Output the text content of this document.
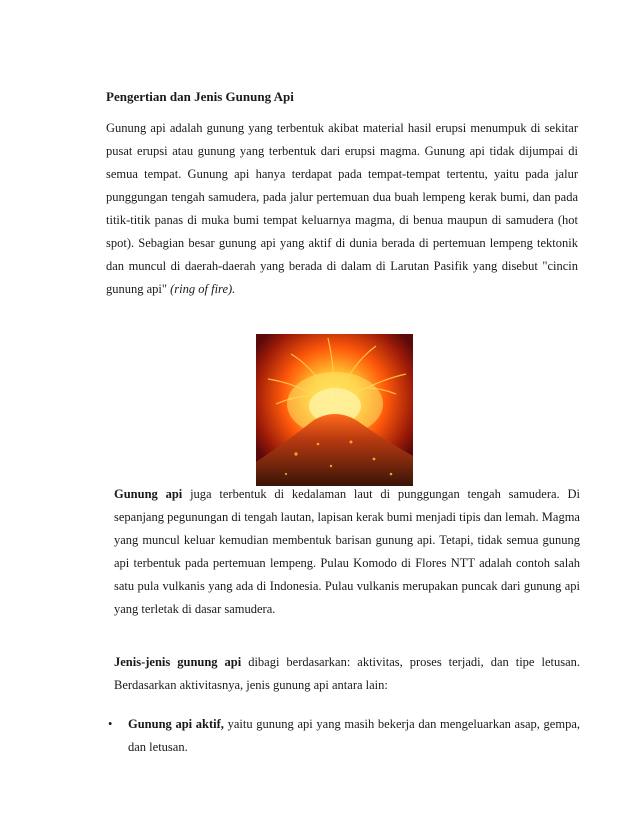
Pengertian dan Jenis Gunung Api

Gunung api adalah gunung yang terbentuk akibat material hasil erupsi menumpuk di sekitar pusat erupsi atau gunung yang terbentuk dari erupsi magma. Gunung api tidak dijumpai di semua tempat. Gunung api hanya terdapat pada tempat-tempat tertentu, yaitu pada jalur punggungan tengah samudera, pada jalur pertemuan dua buah lempeng kerak bumi, dan pada titik-titik panas di muka bumi tempat keluarnya magma, di benua maupun di samudera (hot spot). Sebagian besar gunung api yang aktif di dunia berada di pertemuan lempeng tektonik dan muncul di daerah-daerah yang berada di dalam di Larutan Pasifik yang disebut "cincin gunung api" (ring of fire).

Gunung api juga terbentuk di kedalaman laut di punggungan tengah samudera. Di sepanjang pegunungan di tengah lautan, lapisan kerak bumi menjadi tipis dan lemah. Magma yang muncul keluar kemudian membentuk barisan gunung api. Tetapi, tidak semua gunung api terbentuk pada pertemuan lempeng. Pulau Komodo di Flores NTT adalah contoh salah satu pula vulkanis yang ada di Indonesia. Pulau vulkanis merupakan puncak dari gunung api yang terletak di dasar samudera.

Jenis-jenis gunung api dibagi berdasarkan: aktivitas, proses terjadi, dan tipe letusan. Berdasarkan aktivitasnya, jenis gunung api antara lain:

• Gunung api aktif, yaitu gunung api yang masih bekerja dan mengeluarkan asap, gempa, dan letusan.
